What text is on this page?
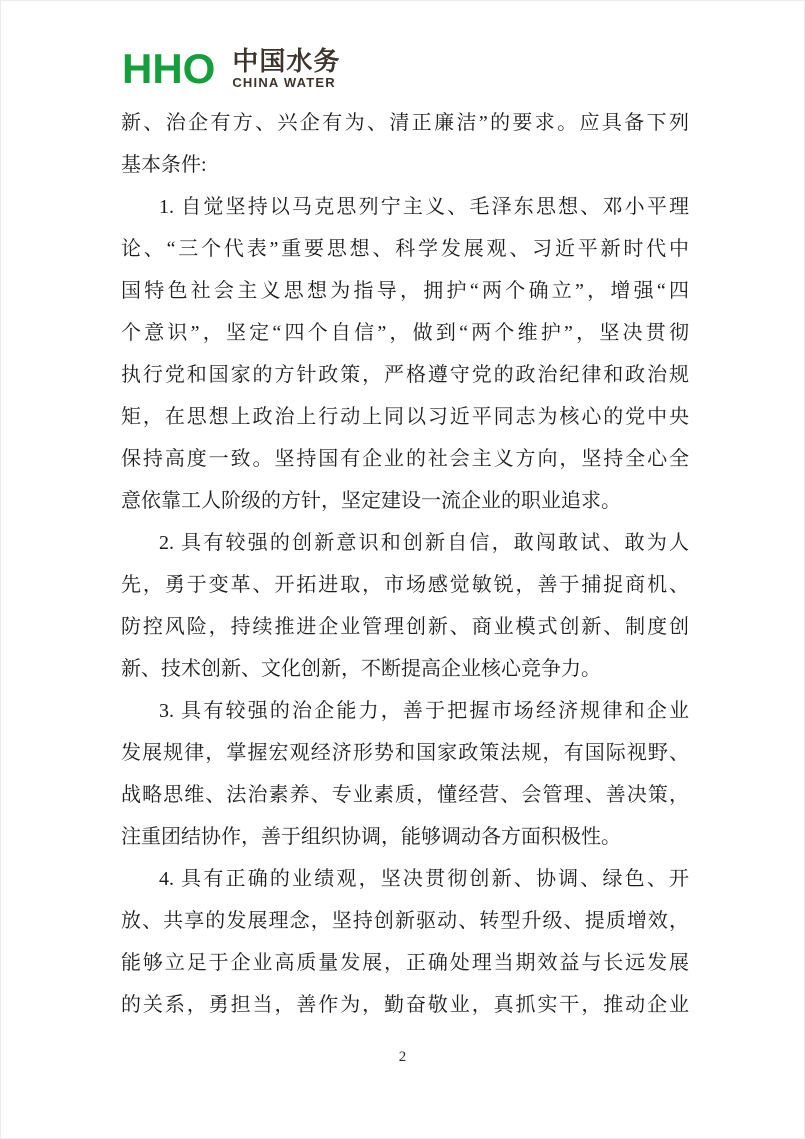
HHO 中国水务
CHINA WATER
新、治企有方、兴企有为、清正廉洁”的要求。应具备下列
基本条件:
1. 自觉坚持以马克思列宁主义、毛泽东思想、邓小平理
论、“三个代表”重要思想、科学发展观、习近平新时代中
国特色社会主义思想为指导，拥护“两个确立”，增强“四
个意识”，坚定“四个自信”，做到“两个维护”，坚决贯彻
执行党和国家的方针政策，严格遵守党的政治纪律和政治规
矩，在思想上政治上行动上同以习近平同志为核心的党中央
保持高度一致。坚持国有企业的社会主义方向，坚持全心全
意依靠工人阶级的方针，坚定建设一流企业的职业追求。
2. 具有较强的创新意识和创新自信，敢闯敢试、敢为人
先，勇于变革、开拓进取，市场感觉敏锐，善于捕捉商机、
防控风险，持续推进企业管理创新、商业模式创新、制度创
新、技术创新、文化创新，不断提高企业核心竞争力。
3. 具有较强的治企能力，善于把握市场经济规律和企业
发展规律，掌握宏观经济形势和国家政策法规，有国际视野、
战略思维、法治素养、专业素质，懂经营、会管理、善决策，
注重团结协作，善于组织协调，能够调动各方面积极性。
4. 具有正确的业绩观，坚决贯彻创新、协调、绿色、开
放、共享的发展理念，坚持创新驱动、转型升级、提质增效，
能够立足于企业高质量发展，正确处理当期效益与长远发展
的关系，勇担当，善作为，勤奋敬业，真抓实干，推动企业
2
